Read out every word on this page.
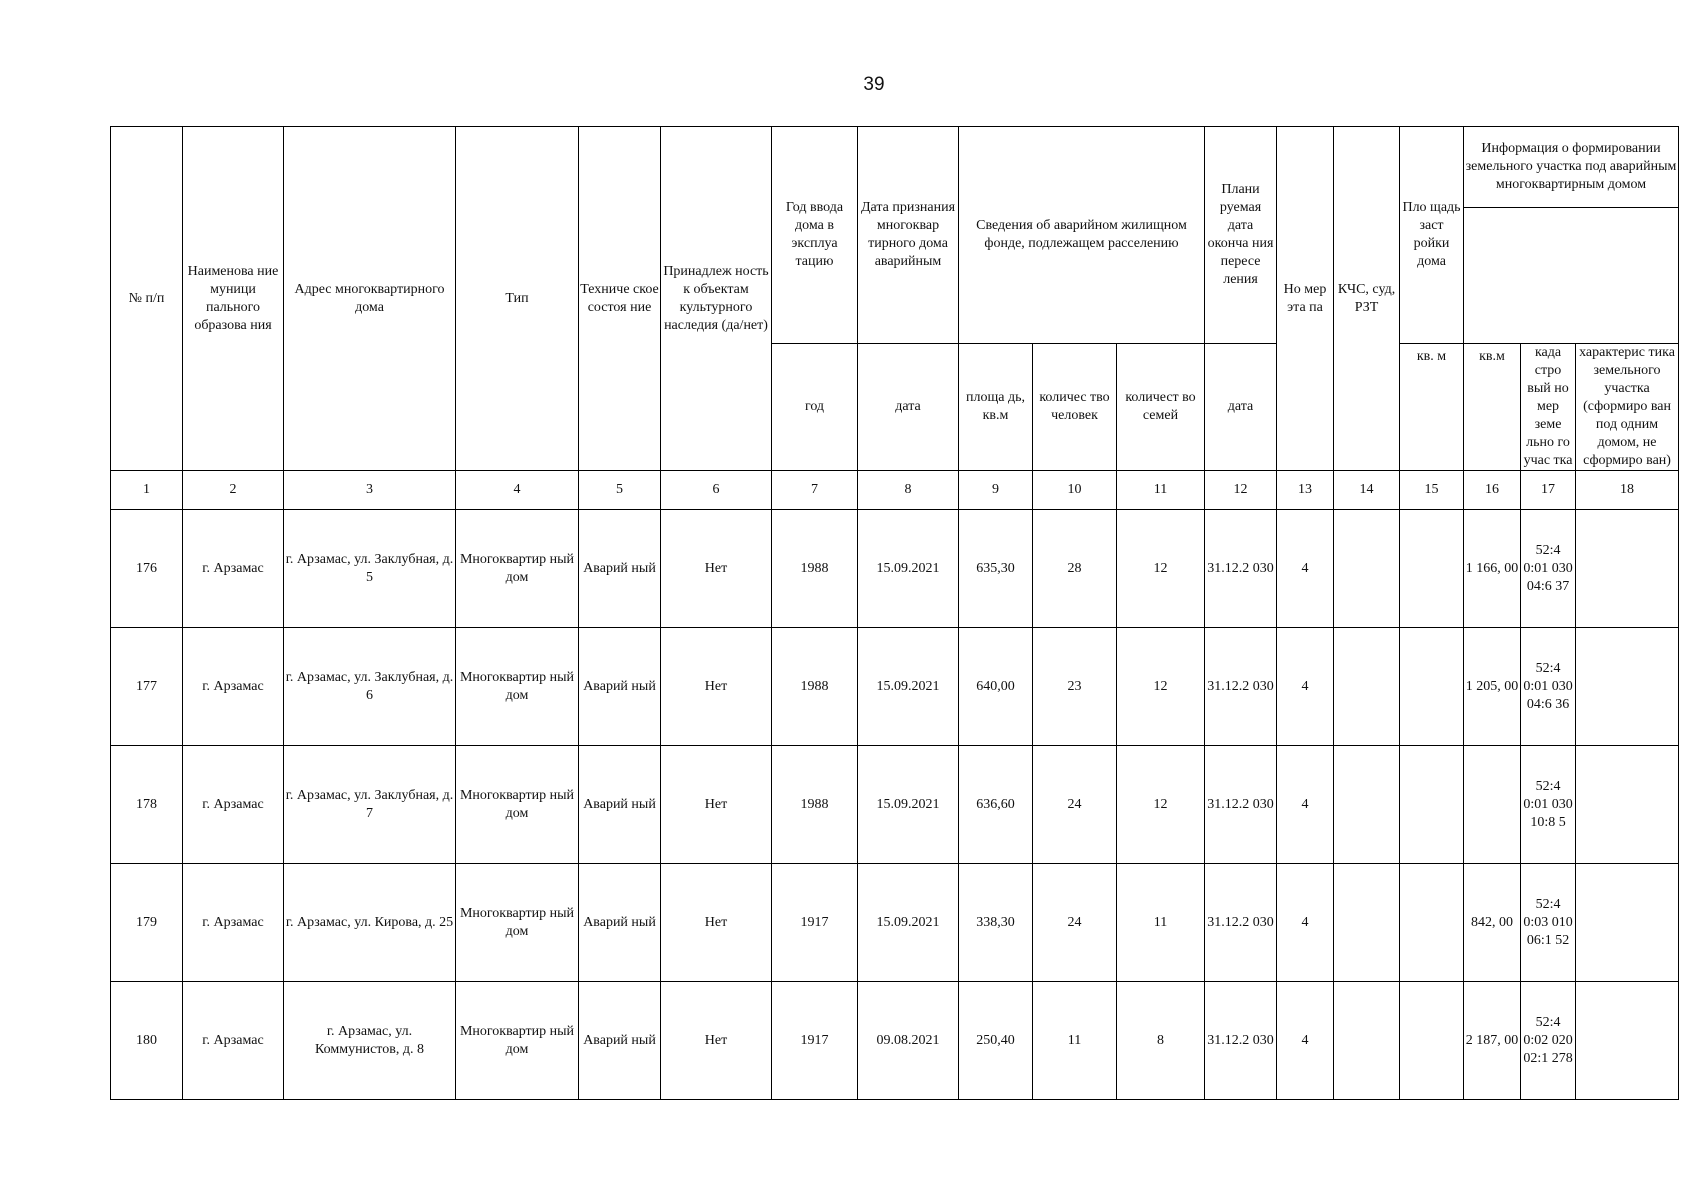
39
№ п/п	Наименова ние муници пального образова ния	Адрес многоквартирного дома	Тип	Техниче ское состоя ние	Принадлеж ность к объектам культурного наследия (да/нет)	Год ввода дома в эксплуа тацию	Дата признания многоквар тирного дома аварийным	Сведения об аварийном жилищном фонде, подлежащем расселению			Плани руемая дата оконча ния пересе ления	Но мер эта па	КЧС, суд, РЗТ	Пло щадь заст ройки дома	Информация о формировании земельного участка под аварийным многоквартирным домом		

						год	дата	площа дь, кв.м	количес тво человек	количест во семей	дата			кв. м	кв.м	када стро вый но мер земе льно го учас тка	характерис тика земельного участка (сформиро ван под одним домом, не сформиро ван)
1	2	3	4	5	6	7	8	9	10	11	12	13	14	15	16	17	18
176	г. Арзамас	г. Арзамас, ул. Заклубная, д. 5	Многоквартир ный дом	Аварий ный	Нет	1988	15.09.2021	635,30	28	12	31.12.2 030	4			1 166, 00	52:4 0:01 030 04:6 37	
177	г. Арзамас	г. Арзамас, ул. Заклубная, д. 6	Многоквартир ный дом	Аварий ный	Нет	1988	15.09.2021	640,00	23	12	31.12.2 030	4			1 205, 00	52:4 0:01 030 04:6 36	
178	г. Арзамас	г. Арзамас, ул. Заклубная, д. 7	Многоквартир ный дом	Аварий ный	Нет	1988	15.09.2021	636,60	24	12	31.12.2 030	4				52:4 0:01 030 10:8 5	
179	г. Арзамас	г. Арзамас, ул. Кирова, д. 25	Многоквартир ный дом	Аварий ный	Нет	1917	15.09.2021	338,30	24	11	31.12.2 030	4			842, 00	52:4 0:03 010 06:1 52	
180	г. Арзамас	г. Арзамас, ул. Коммунистов, д. 8	Многоквартир ный дом	Аварий ный	Нет	1917	09.08.2021	250,40	11	8	31.12.2 030	4			2 187, 00	52:4 0:02 020 02:1 278	
